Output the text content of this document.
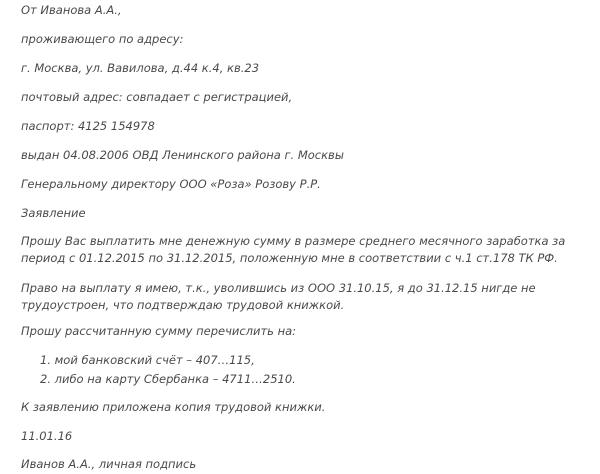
От Иванова А.А.,
проживающего по адресу:
г. Москва, ул. Вавилова, д.44 к.4, кв.23
почтовый адрес: совпадает с регистрацией,
паспорт: 4125 154978
выдан 04.08.2006 ОВД Ленинского района г. Москвы
Генеральному директору ООО «Роза» Розову Р.Р.
Заявление
Прошу Вас выплатить мне денежную сумму в размере среднего месячного заработка за период с 01.12.2015 по 31.12.2015, положенную мне в соответствии с ч.1 ст.178 ТК РФ.
Право на выплату я имею, т.к., уволившись из ООО 31.10.15, я до 31.12.15 нигде не трудоустроен, что подтверждаю трудовой книжкой.
Прошу рассчитанную сумму перечислить на:
1. мой банковский счёт – 407…115,
2. либо на карту Сбербанка – 4711…2510.
К заявлению приложена копия трудовой книжки.
11.01.16
Иванов А.А., личная подпись
